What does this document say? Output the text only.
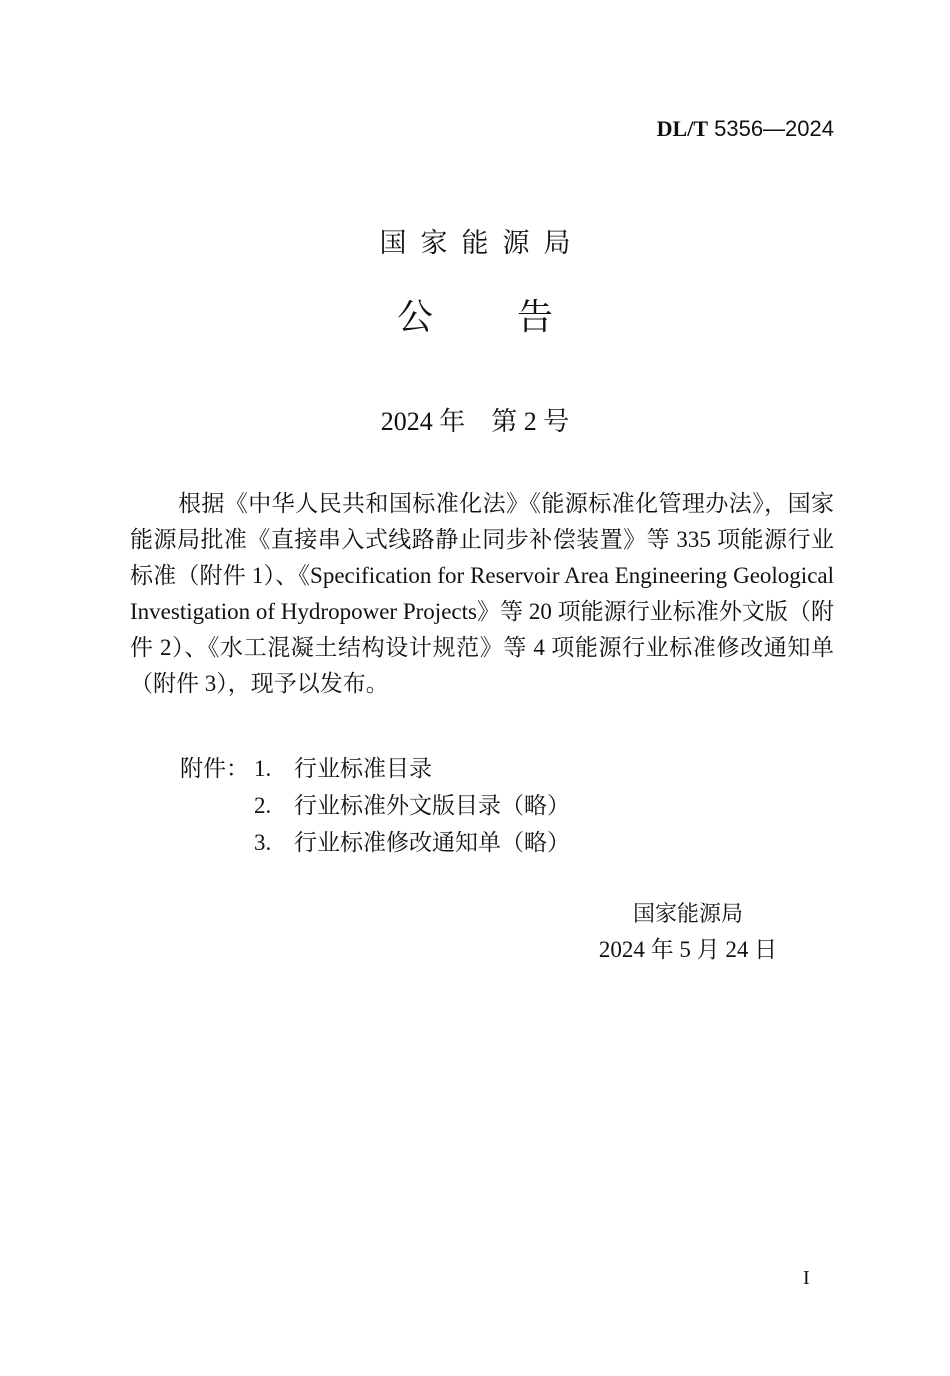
DL/T 5356—2024
国家能源局
公 告
2024 年　第 2 号
根据《中华人民共和国标准化法》《能源标准化管理办法》，国家能源局批准《直接串入式线路静止同步补偿装置》等 335 项能源行业标准（附件 1）、《Specification for Reservoir Area Engineering Geological Investigation of Hydropower Projects》等 20 项能源行业标准外文版（附件 2）、《水工混凝土结构设计规范》等 4 项能源行业标准修改通知单（附件 3），现予以发布。
附件： 1. 行业标准目录
2. 行业标准外文版目录（略）
3. 行业标准修改通知单（略）
国家能源局
2024 年 5 月 24 日
I
